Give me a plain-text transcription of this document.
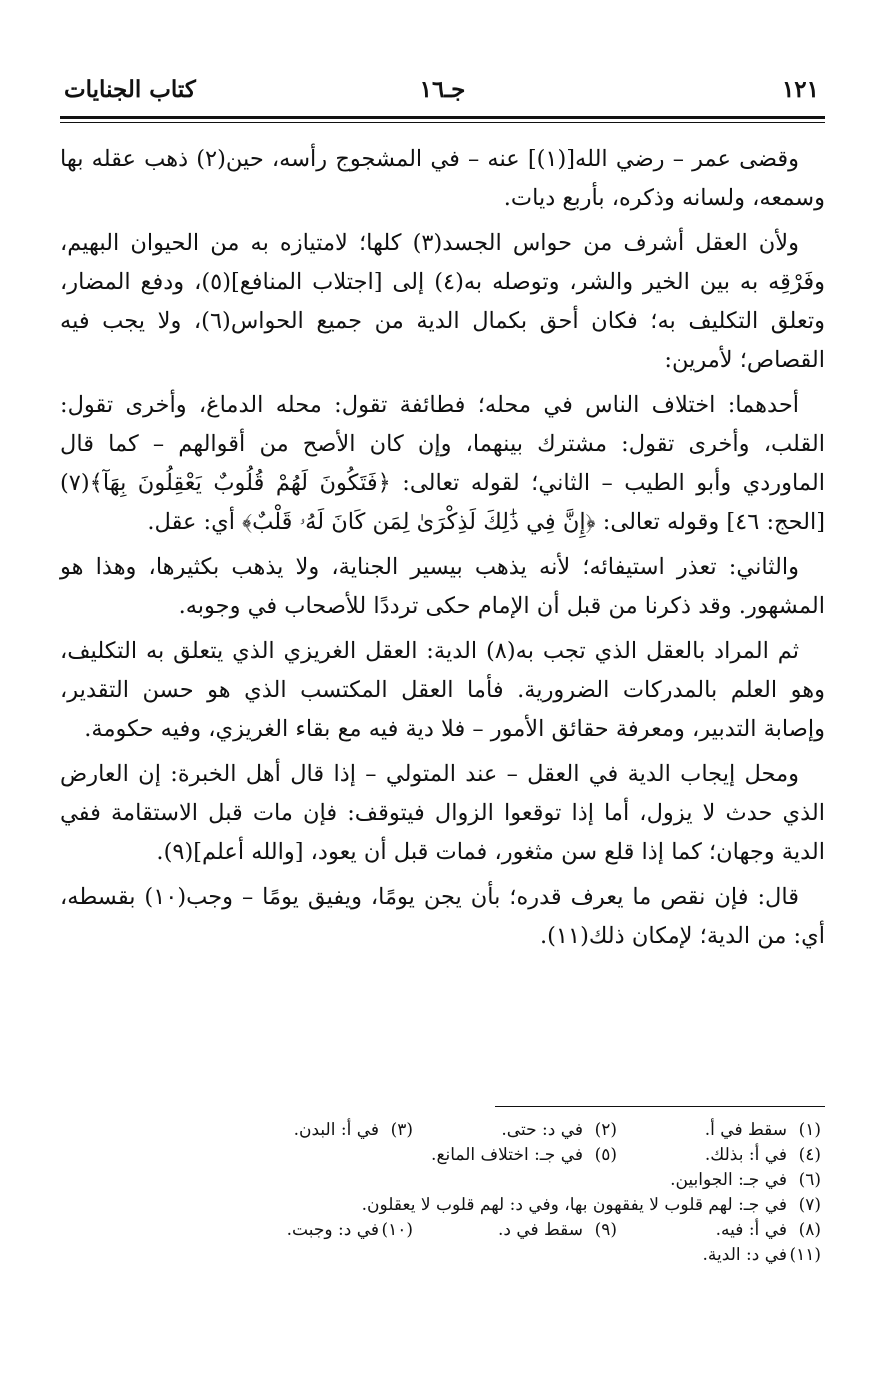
١٢١
جـ١٦
كتاب الجنايات

وقضى عمر – رضي الله[(١)] عنه – في المشجوج رأسه، حين(٢) ذهب عقله بها وسمعه، ولسانه وذكره، بأربع ديات.

ولأن العقل أشرف من حواس الجسد(٣) كلها؛ لامتيازه به من الحيوان البهيم، وفَرْقِه به بين الخير والشر، وتوصله به(٤) إلى [اجتلاب المنافع](٥)، ودفع المضار، وتعلق التكليف به؛ فكان أحق بكمال الدية من جميع الحواس(٦)، ولا يجب فيه القصاص؛ لأمرين:

أحدهما: اختلاف الناس في محله؛ فطائفة تقول: محله الدماغ، وأخرى تقول: القلب، وأخرى تقول: مشترك بينهما، وإن كان الأصح من أقوالهم – كما قال الماوردي وأبو الطيب – الثاني؛ لقوله تعالى: ﴿فَتَكُونَ لَهُمْ قُلُوبٌ يَعْقِلُونَ بِهَآ﴾(٧) [الحج: ٤٦] وقوله تعالى: ﴿إِنَّ فِي ذَٰلِكَ لَذِكْرَىٰ لِمَن كَانَ لَهُۥ قَلْبٌ﴾ أي: عقل.

والثاني: تعذر استيفائه؛ لأنه يذهب بيسير الجناية، ولا يذهب بكثيرها، وهذا هو المشهور. وقد ذكرنا من قبل أن الإمام حكى ترددًا للأصحاب في وجوبه.

ثم المراد بالعقل الذي تجب به(٨) الدية: العقل الغريزي الذي يتعلق به التكليف، وهو العلم بالمدركات الضرورية. فأما العقل المكتسب الذي هو حسن التقدير، وإصابة التدبير، ومعرفة حقائق الأمور – فلا دية فيه مع بقاء الغريزي، وفيه حكومة.

ومحل إيجاب الدية في العقل – عند المتولي – إذا قال أهل الخبرة: إن العارض الذي حدث لا يزول، أما إذا توقعوا الزوال فيتوقف: فإن مات قبل الاستقامة ففي الدية وجهان؛ كما إذا قلع سن مثغور، فمات قبل أن يعود، [والله أعلم](٩).

قال: فإن نقص ما يعرف قدره؛ بأن يجن يومًا، ويفيق يومًا – وجب(١٠) بقسطه، أي: من الدية؛ لإمكان ذلك(١١).

(١)سقط في أ.
(٢)في د: حتى.
(٣)في أ: البدن.
(٤)في أ: بذلك.
(٥)في جـ: اختلاف المانع.
(٦)في جـ: الجوابين.
(٧)في جـ: لهم قلوب لا يفقهون بها، وفي د: لهم قلوب لا يعقلون.
(٨)في أ: فيه.
(٩)سقط في د.
(١٠)في د: وجبت.
(١١)في د: الدية.
